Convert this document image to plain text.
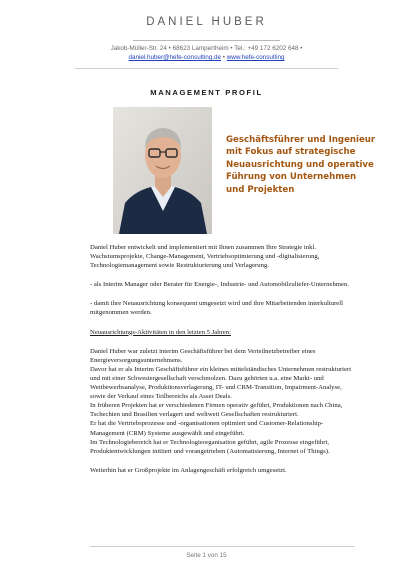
DANIEL HUBER
Jakob-Müller-Str. 24 • 68623 Lampertheim • Tel.: +49 172 6202 648 •
daniel.huber@hefe-consulting.de • www.hefe-consulting
MANAGEMENT PROFIL
Geschäftsführer und Ingenieur mit Fokus auf strategische Neuausrichtung und operative Führung von Unternehmen und Projekten

Daniel Huber entwickelt und implementiert mit Ihnen zusammen Ihre Strategie inkl. Wachstumsprojekte, Change-Management, Vertriebsoptimierung und -digitalisierung, Technologiemanagement sowie Restrukturierung und Verlagerung.

- als Interim Manager oder Berater für Energie-, Industrie- und Automobilzuliefer-Unternehmen.

- damit ihre Neuausrichtung konsequent umgesetzt wird und ihre Mitarbeitenden interkulturell mitgenommen werden.

Neuausrichtungs-Aktivitäten in den letzten 5 Jahren:

Daniel Huber war zuletzt interim Geschäftsführer bei dem Verteilnetzbetreiber eines Energieversorgungsunternehmens.

Davor hat er als Interim Geschäftsführer ein kleines mittelständisches Unternehmen restrukturiert und mit einer Schwestergesellschaft verschmolzen. Dazu gehörten u.a. eine Markt- und Wettbewerbsanalyse, Produktionsverlagerung, IT- und CRM-Transition, Impairment-Analyse, sowie der Verkauf eines Teilbereichs als Asset Deals.

In früheren Projekten hat er verschiedenen Firmen operativ geführt, Produktionen nach China, Tschechien und Brasilien verlagert und weltweit Gesellschaften restrukturiert.

Er hat die Vertriebsprozesse und -organisationen optimiert und Customer-Relationship-Management (CRM) Systeme ausgewählt und eingeführt.

Im Technologiebereich hat er Technologieorganisation geführt, agile Prozesse eingeführt, Produktentwicklungen initiiert und vorangetrieben (Automatisierung, Internet of Things).

Weiterhin hat er Großprojekte im Anlagengeschäft erfolgreich umgesetzt.

Seite 1 von 15
